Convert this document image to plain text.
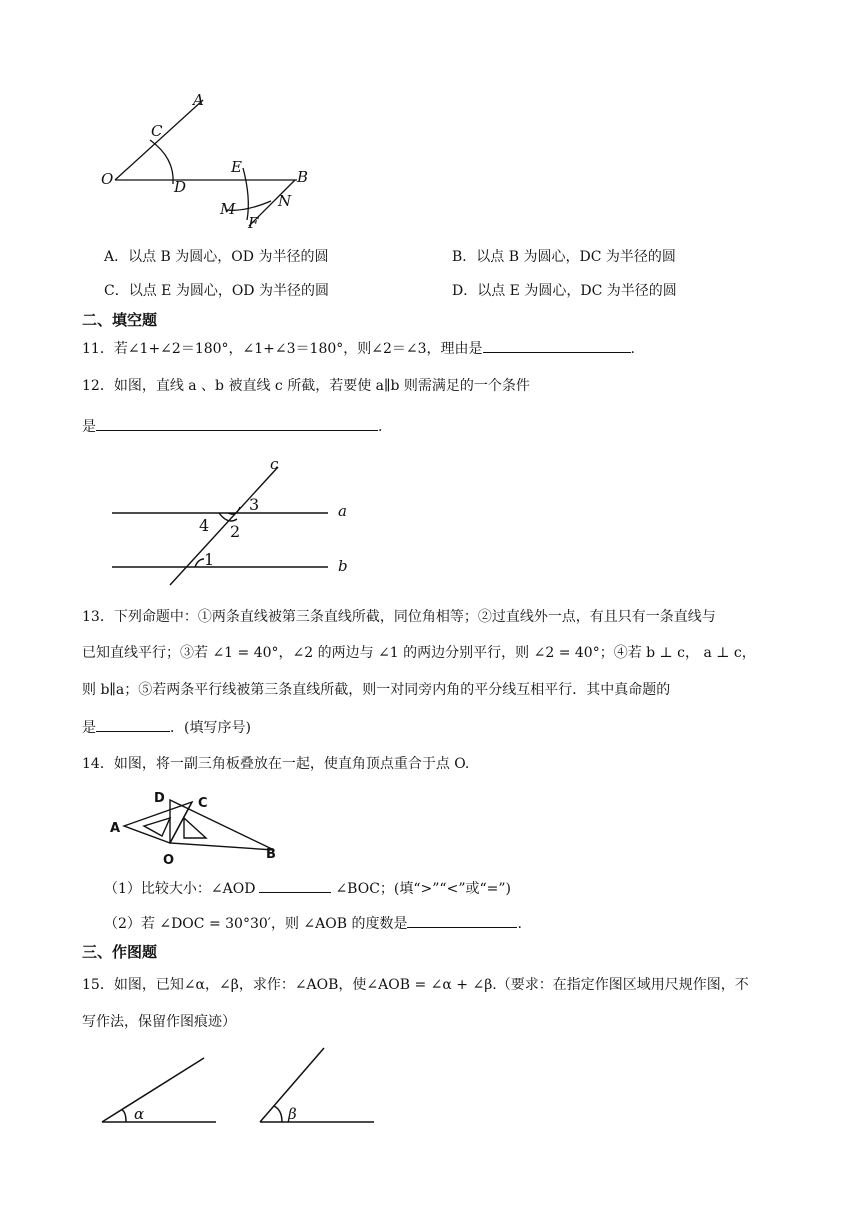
A
C
O	D
E
B
M
F
N
A．以点 B 为圆心，OD 为半径的圆	B．以点 B 为圆心，DC 为半径的圆
C．以点 E 为圆心，OD 为半径的圆	D．以点 E 为圆心，DC 为半径的圆
二、填空题
11．若∠1+∠2＝180°，∠1+∠3＝180°，则∠2＝∠3，理由是	.
12．如图，直线 a 、b 被直线 c 所截，若要使 a∥b 则需满足的一个条件
是	.
c
a
b
1
2
3
4
13．下列命题中：①两条直线被第三条直线所截，同位角相等；②过直线外一点，有且只有一条直线与
已知直线平行；③若 ∠1 = 40°，∠2 的两边与 ∠1 的两边分别平行，则 ∠2 = 40°；④若 b ⊥ c， a ⊥ c，
则 b∥a；⑤若两条平行线被第三条直线所截，则一对同旁内角的平分线互相平行．其中真命题的
是	．(填写序号)
14．如图，将一副三角板叠放在一起，使直角顶点重合于点 O.
D	C
A
O	B
（1）比较大小：∠AOD	∠BOC；(填“>”“<”或“=”)
（2）若 ∠DOC = 30°30′，则 ∠AOB 的度数是	.
三、作图题
15．如图，已知∠α，∠β，求作：∠AOB，使∠AOB = ∠α + ∠β.（要求：在指定作图区域用尺规作图，不
写作法，保留作图痕迹）
α	β
